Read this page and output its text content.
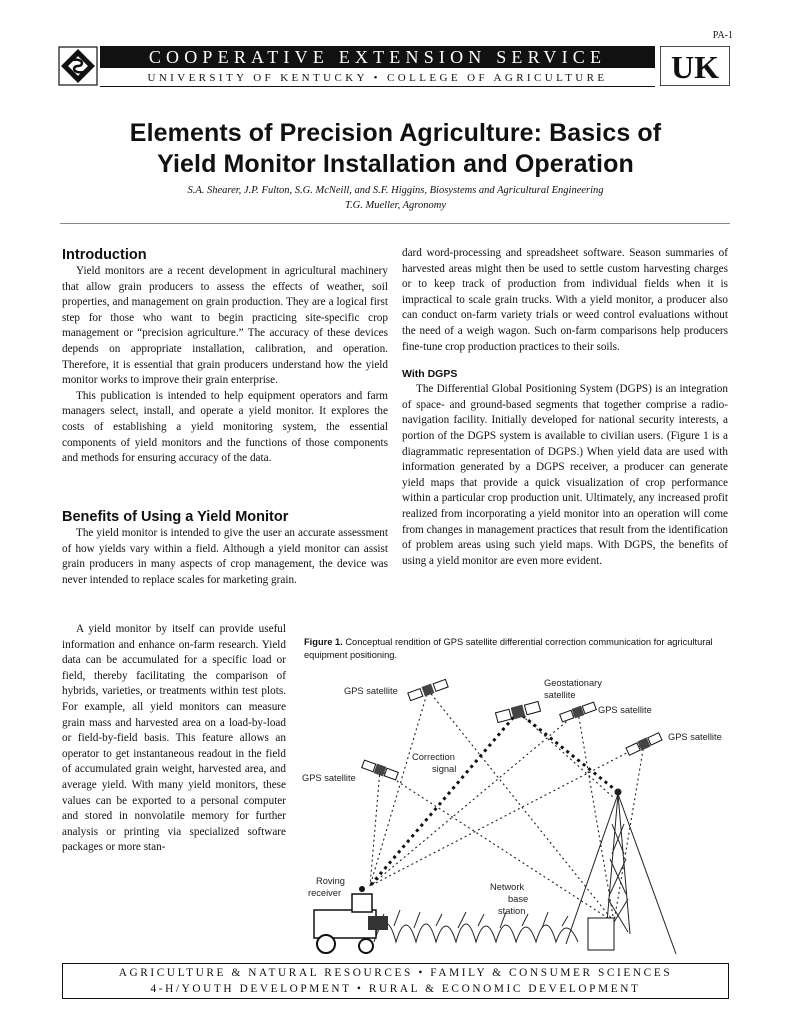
PA-1
COOPERATIVE EXTENSION SERVICE
UNIVERSITY OF KENTUCKY • COLLEGE OF AGRICULTURE	UK
Elements of Precision Agriculture: Basics of
Yield Monitor Installation and Operation
S.A. Shearer, J.P. Fulton, S.G. McNeill, and S.F. Higgins, Biosystems and Agricultural Engineering
T.G. Mueller, Agronomy
Introduction

Yield monitors are a recent development in agricultural machinery that allow grain producers to assess the effects of weather, soil properties, and management on grain production. They are a logical first step for those who want to begin practicing site-specific crop management or “precision agriculture.” The accuracy of these devices depends on appropriate installation, calibration, and operation. Therefore, it is essential that grain producers understand how the yield monitor works to improve their grain enterprise.

This publication is intended to help equipment operators and farm managers select, install, and operate a yield monitor. It explores the costs of establishing a yield monitoring system, the essential components of yield monitors and the functions of those components and methods for ensuring accuracy of the data.

Benefits of Using a Yield Monitor

The yield monitor is intended to give the user an accurate assessment of how yields vary within a field. Although a yield monitor can assist grain producers in many aspects of crop management, the device was never intended to replace scales for marketing grain.

A yield monitor by itself can provide useful information and enhance on-farm research. Yield data can be accumulated for a specific load or field, thereby facilitating the comparison of hybrids, varieties, or treatments within test plots. For example, all yield monitors can measure grain mass and harvested area on a load-by-load or field-by-field basis. This feature allows an operator to get instantaneous readout in the field of accumulated grain weight, harvested area, and average yield. With many yield monitors, these values can be exported to a personal computer and stored in nonvolatile memory for further analysis or printing via specialized software packages or more stan-

dard word-processing and spreadsheet software. Season summaries of harvested areas might then be used to settle custom harvesting charges or to keep track of production from individual fields when it is impractical to scale grain trucks. With a yield monitor, a producer also can conduct on-farm variety trials or weed control evaluations without the need of a weigh wagon. Such on-farm comparisons help producers fine-tune crop production practices to their soils.

With DGPS

The Differential Global Positioning System (DGPS) is an integration of space- and ground-based segments that together comprise a radio-navigation facility. Initially developed for national security interests, a portion of the DGPS system is available to civilian users. (Figure 1 is a diagrammatic representation of DGPS.) When yield data are used with information generated by a DGPS receiver, a producer can generate yield maps that provide a quick visualization of crop performance within a particular crop production unit. Ultimately, any increased profit realized from incorporating a yield monitor into an operation will come from changes in management practices that result from the identification of problem areas using such yield maps. With DGPS, the benefits of using a yield monitor are even more evident.

Figure 1. Conceptual rendition of GPS satellite differential correction communication for agricultural equipment positioning.
GPS satellite
Geostationary
satellite
GPS satellite
GPS satellite
GPS satellite
Correction
signal
Roving
receiver
Network
base
station
AGRICULTURE & NATURAL RESOURCES • FAMILY & CONSUMER SCIENCES
4-H/YOUTH DEVELOPMENT • RURAL & ECONOMIC DEVELOPMENT
